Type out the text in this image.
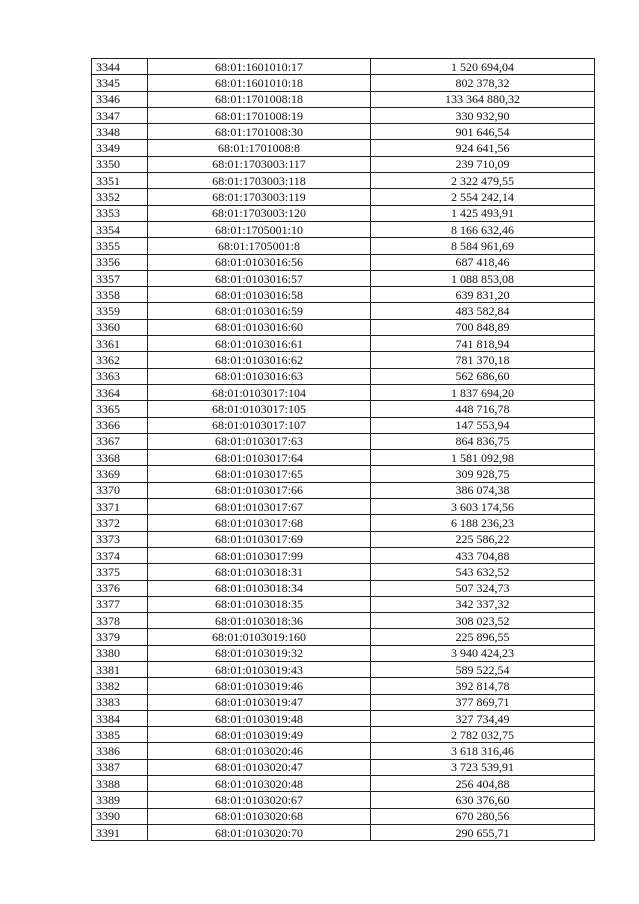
3344	68:01:1601010:17	1 520 694,04
3345	68:01:1601010:18	802 378,32
3346	68:01:1701008:18	133 364 880,32
3347	68:01:1701008:19	330 932,90
3348	68:01:1701008:30	901 646,54
3349	68:01:1701008:8	924 641,56
3350	68:01:1703003:117	239 710,09
3351	68:01:1703003:118	2 322 479,55
3352	68:01:1703003:119	2 554 242,14
3353	68:01:1703003:120	1 425 493,91
3354	68:01:1705001:10	8 166 632,46
3355	68:01:1705001:8	8 584 961,69
3356	68:01:0103016:56	687 418,46
3357	68:01:0103016:57	1 088 853,08
3358	68:01:0103016:58	639 831,20
3359	68:01:0103016:59	483 582,84
3360	68:01:0103016:60	700 848,89
3361	68:01:0103016:61	741 818,94
3362	68:01:0103016:62	781 370,18
3363	68:01:0103016:63	562 686,60
3364	68:01:0103017:104	1 837 694,20
3365	68:01:0103017:105	448 716,78
3366	68:01:0103017:107	147 553,94
3367	68:01:0103017:63	864 836,75
3368	68:01:0103017:64	1 581 092,98
3369	68:01:0103017:65	309 928,75
3370	68:01:0103017:66	386 074,38
3371	68:01:0103017:67	3 603 174,56
3372	68:01:0103017:68	6 188 236,23
3373	68:01:0103017:69	225 586,22
3374	68:01:0103017:99	433 704,88
3375	68:01:0103018:31	543 632,52
3376	68:01:0103018:34	507 324,73
3377	68:01:0103018:35	342 337,32
3378	68:01:0103018:36	308 023,52
3379	68:01:0103019:160	225 896,55
3380	68:01:0103019:32	3 940 424,23
3381	68:01:0103019:43	589 522,54
3382	68:01:0103019:46	392 814,78
3383	68:01:0103019:47	377 869,71
3384	68:01:0103019:48	327 734,49
3385	68:01:0103019:49	2 782 032,75
3386	68:01:0103020:46	3 618 316,46
3387	68:01:0103020:47	3 723 539,91
3388	68:01:0103020:48	256 404,88
3389	68:01:0103020:67	630 376,60
3390	68:01:0103020:68	670 280,56
3391	68:01:0103020:70	290 655,71
